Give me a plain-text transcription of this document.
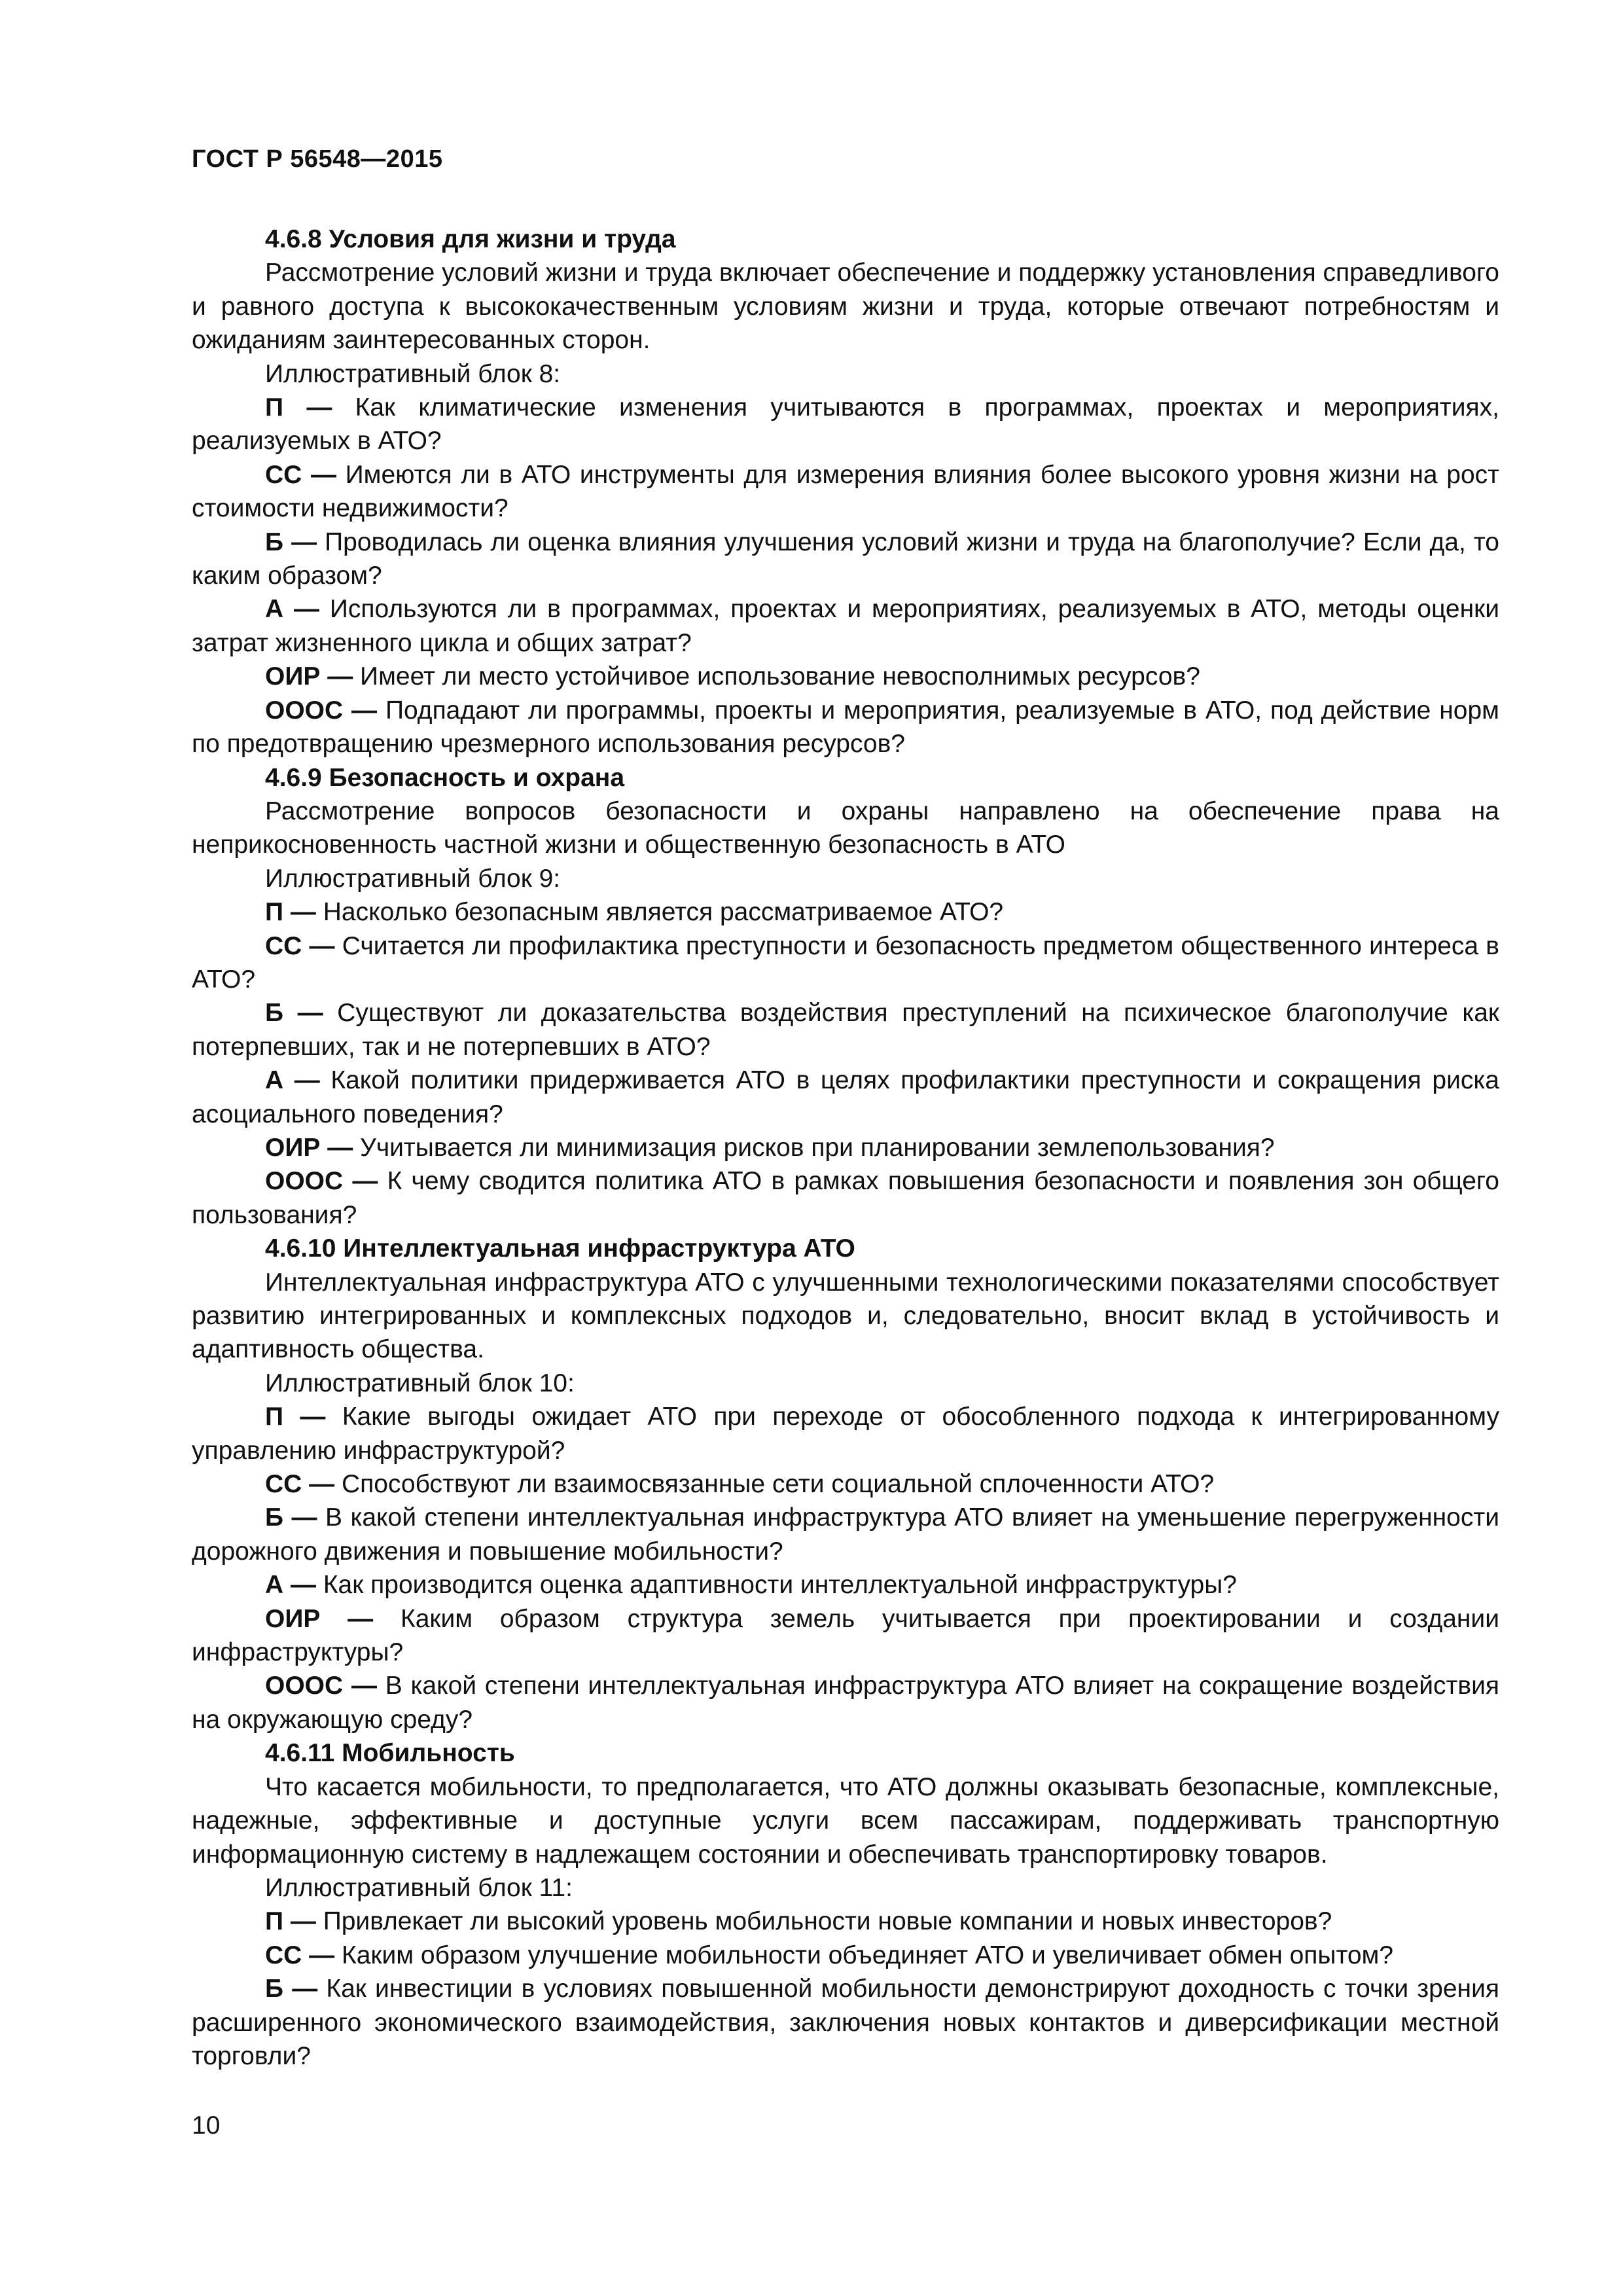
ГОСТ Р 56548—2015

4.6.8 Условия для жизни и труда

Рассмотрение условий жизни и труда включает обеспечение и поддержку установления справедливого и равного доступа к высококачественным условиям жизни и труда, которые отвечают потребностям и ожиданиям заинтересованных сторон.

Иллюстративный блок 8:

П — Как климатические изменения учитываются в программах, проектах и мероприятиях, реализуемых в АТО?

СС — Имеются ли в АТО инструменты для измерения влияния более высокого уровня жизни на рост стоимости недвижимости?

Б — Проводилась ли оценка влияния улучшения условий жизни и труда на благополучие? Если да, то каким образом?

А — Используются ли в программах, проектах и мероприятиях, реализуемых в АТО, методы оценки затрат жизненного цикла и общих затрат?

ОИР — Имеет ли место устойчивое использование невосполнимых ресурсов?

ОООС — Подпадают ли программы, проекты и мероприятия, реализуемые в АТО, под действие норм по предотвращению чрезмерного использования ресурсов?

4.6.9 Безопасность и охрана

Рассмотрение вопросов безопасности и охраны направлено на обеспечение права на неприкосновенность частной жизни и общественную безопасность в АТО

Иллюстративный блок 9:

П — Насколько безопасным является рассматриваемое АТО?

СС — Считается ли профилактика преступности и безопасность предметом общественного интереса в АТО?

Б — Существуют ли доказательства воздействия преступлений на психическое благополучие как потерпевших, так и не потерпевших в АТО?

А — Какой политики придерживается АТО в целях профилактики преступности и сокращения риска асоциального поведения?

ОИР — Учитывается ли минимизация рисков при планировании землепользования?

ОООС — К чему сводится политика АТО в рамках повышения безопасности и появления зон общего пользования?

4.6.10 Интеллектуальная инфраструктура АТО

Интеллектуальная инфраструктура АТО с улучшенными технологическими показателями способствует развитию интегрированных и комплексных подходов и, следовательно, вносит вклад в устойчивость и адаптивность общества.

Иллюстративный блок 10:

П — Какие выгоды ожидает АТО при переходе от обособленного подхода к интегрированному управлению инфраструктурой?

СС — Способствуют ли взаимосвязанные сети социальной сплоченности АТО?

Б — В какой степени интеллектуальная инфраструктура АТО влияет на уменьшение перегруженности дорожного движения и повышение мобильности?

А — Как производится оценка адаптивности интеллектуальной инфраструктуры?

ОИР — Каким образом структура земель учитывается при проектировании и создании инфраструктуры?

ОООС — В какой степени интеллектуальная инфраструктура АТО влияет на сокращение воздействия на окружающую среду?

4.6.11 Мобильность

Что касается мобильности, то предполагается, что АТО должны оказывать безопасные, комплексные, надежные, эффективные и доступные услуги всем пассажирам, поддерживать транспортную информационную систему в надлежащем состоянии и обеспечивать транспортировку товаров.

Иллюстративный блок 11:

П — Привлекает ли высокий уровень мобильности новые компании и новых инвесторов?

СС — Каким образом улучшение мобильности объединяет АТО и увеличивает обмен опытом?

Б — Как инвестиции в условиях повышенной мобильности демонстрируют доходность с точки зрения расширенного экономического взаимодействия, заключения новых контактов и диверсификации местной торговли?

10
